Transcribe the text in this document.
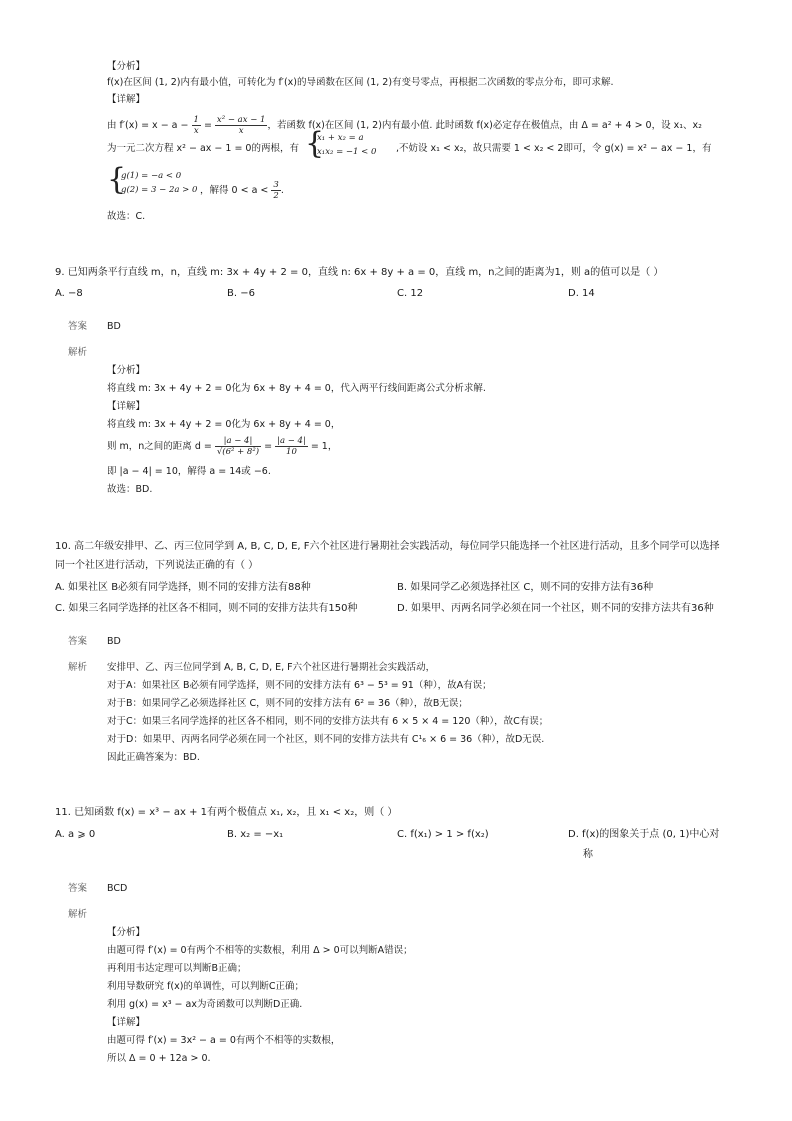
【分析】
f(x)在区间 (1, 2)内有最小值，可转化为 f′(x)的导函数在区间 (1, 2)有变号零点，再根据二次函数的零点分布，即可求解.
【详解】
由 $f'(x) = x - a - \frac{1}{x} = \frac{\text{x² − ax − 1}}{x}$ ，若函数 f(x)在区间 (1, 2)内有最小值. 此时函数 f(x)必定存在极值点，由 Δ = a² + 4 > 0，设 x₁、x₂
为一元二次方程 x² − ax − 1 = 0的两根，有 {
x₁ + x₂ = a
x₁x₂ = −1 < 0 ,不妨设 x₁ < x₂，故只需要 1 < x₂ < 2即可，令 g(x) = x² − ax − 1，有
{
g(1) = −a < 0
g(2) = 3 − 2a > 0 ，解得 $0 < a < \frac{3}{2}$ .
故选：C.
9. 已知两条平行直线 m，n，直线 m: 3x + 4y + 2 = 0，直线 n: 6x + 8y + a = 0，直线 m，n之间的距离为1，则 a的值可以是（ ）
A. −8	B. −6	C. 12	D. 14
答案 BD
解析
【分析】
将直线 m: 3x + 4y + 2 = 0化为 6x + 8y + 4 = 0，代入两平行线间距离公式分析求解.
【详解】
将直线 m: 3x + 4y + 2 = 0化为 6x + 8y + 4 = 0，
则 m，n之间的距离 $d = \frac{|a - 4|}{\text{√(6² + 8²)}} = \frac{|a - 4|}{10} = 1$，
即 |a − 4| = 10，解得 a = 14或 −6.
故选：BD.
10. 高二年级安排甲、乙、丙三位同学到 A, B, C, D, E, F六个社区进行暑期社会实践活动，每位同学只能选择一个社区进行活动，且多个同学可以选择
同一个社区进行活动，下列说法正确的有（ ）
A. 如果社区 B必须有同学选择，则不同的安排方法有88种	B. 如果同学乙必须选择社区 C，则不同的安排方法有36种
C. 如果三名同学选择的社区各不相同，则不同的安排方法共有150种	D. 如果甲、丙两名同学必须在同一个社区，则不同的安排方法共有36种
答案 BD
解析 安排甲、乙、丙三位同学到 A, B, C, D, E, F六个社区进行暑期社会实践活动，
对于A：如果社区 B必须有同学选择，则不同的安排方法有 6³ − 5³ = 91（种），故A有误；
对于B：如果同学乙必须选择社区 C，则不同的安排方法有 6² = 36（种），故B无误；
对于C：如果三名同学选择的社区各不相同，则不同的安排方法共有 6 × 5 × 4 = 120（种），故C有误；
对于D：如果甲、丙两名同学必须在同一个社区，则不同的安排方法共有 C¹₆ × 6 = 36（种），故D无误.
因此正确答案为：BD.
11. 已知函数 f(x) = x³ − ax + 1有两个极值点 x₁, x₂，且 x₁ < x₂，则（ ）
A. a ⩾ 0	B. x₂ = −x₁	C. f(x₁) > 1 > f(x₂)	D. f(x)的图象关于点 (0, 1)中心对
称
答案 BCD
解析
【分析】
由题可得 f′(x) = 0有两个不相等的实数根，利用 Δ > 0可以判断A错误；
再利用韦达定理可以判断B正确；
利用导数研究 f(x)的单调性，可以判断C正确；
利用 g(x) = x³ − ax为奇函数可以判断D正确.
【详解】
由题可得 f′(x) = 3x² − a = 0有两个不相等的实数根，
所以 Δ = 0 + 12a > 0.
